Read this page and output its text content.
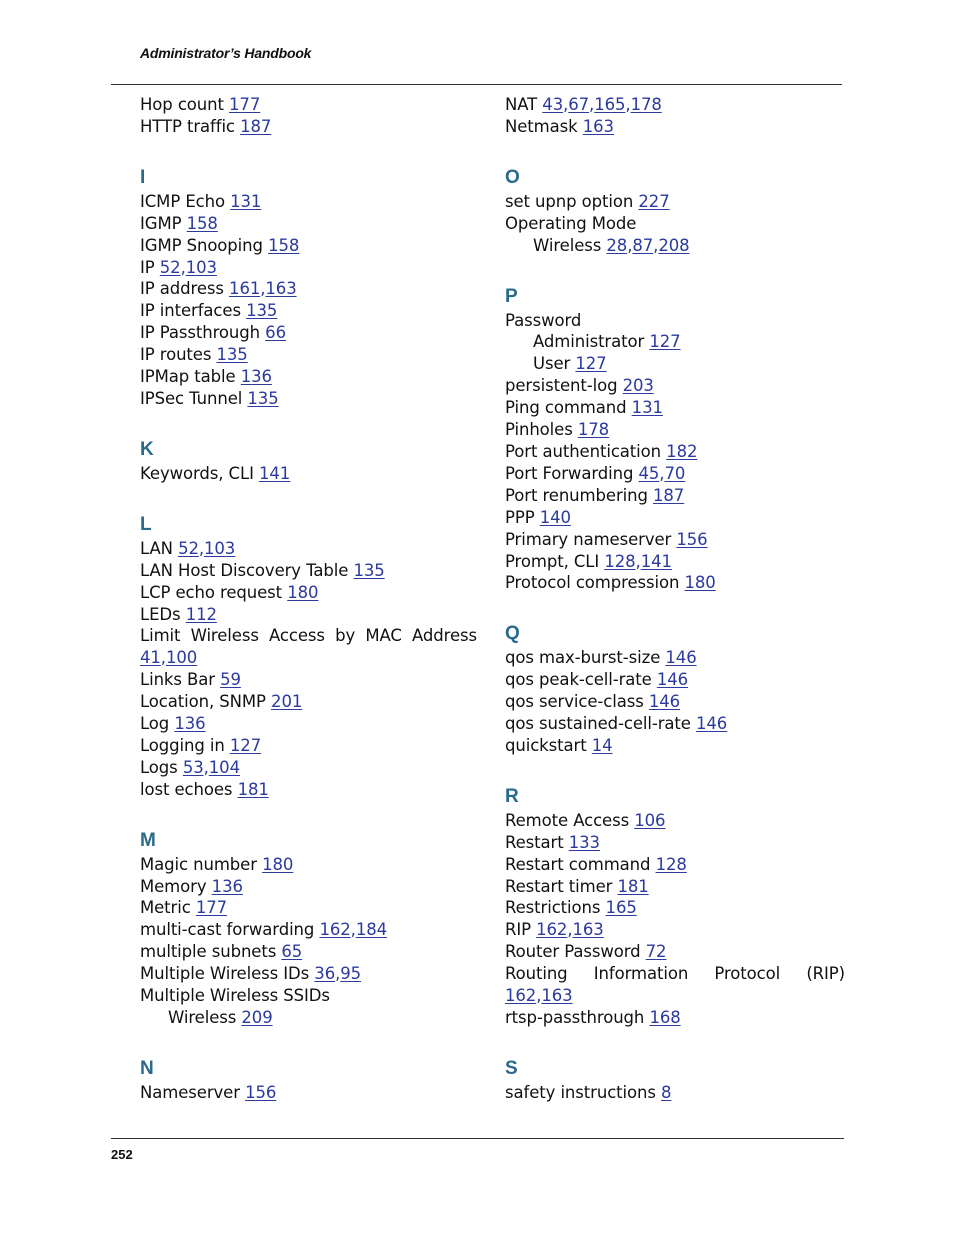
Administrator’s Handbook
Hop count 177
HTTP traffic 187
I
ICMP Echo 131
IGMP 158
IGMP Snooping 158
IP 52,103
IP address 161,163
IP interfaces 135
IP Passthrough 66
IP routes 135
IPMap table 136
IPSec Tunnel 135
K
Keywords, CLI 141
L
LAN 52,103
LAN Host Discovery Table 135
LCP echo request 180
LEDs 112
Limit Wireless Access by MAC Address 41,100
Links Bar 59
Location, SNMP 201
Log 136
Logging in 127
Logs 53,104
lost echoes 181
M
Magic number 180
Memory 136
Metric 177
multi-cast forwarding 162,184
multiple subnets 65
Multiple Wireless IDs 36,95
Multiple Wireless SSIDs
Wireless 209
N
Nameserver 156
NAT 43,67,165,178
Netmask 163
O
set upnp option 227
Operating Mode
Wireless 28,87,208
P
Password
Administrator 127
User 127
persistent-log 203
Ping command 131
Pinholes 178
Port authentication 182
Port Forwarding 45,70
Port renumbering 187
PPP 140
Primary nameserver 156
Prompt, CLI 128,141
Protocol compression 180
Q
qos max-burst-size 146
qos peak-cell-rate 146
qos service-class 146
qos sustained-cell-rate 146
quickstart 14
R
Remote Access 106
Restart 133
Restart command 128
Restart timer 181
Restrictions 165
RIP 162,163
Router Password 72
Routing Information Protocol (RIP) 162,163
rtsp-passthrough 168
S
safety instructions 8
252
